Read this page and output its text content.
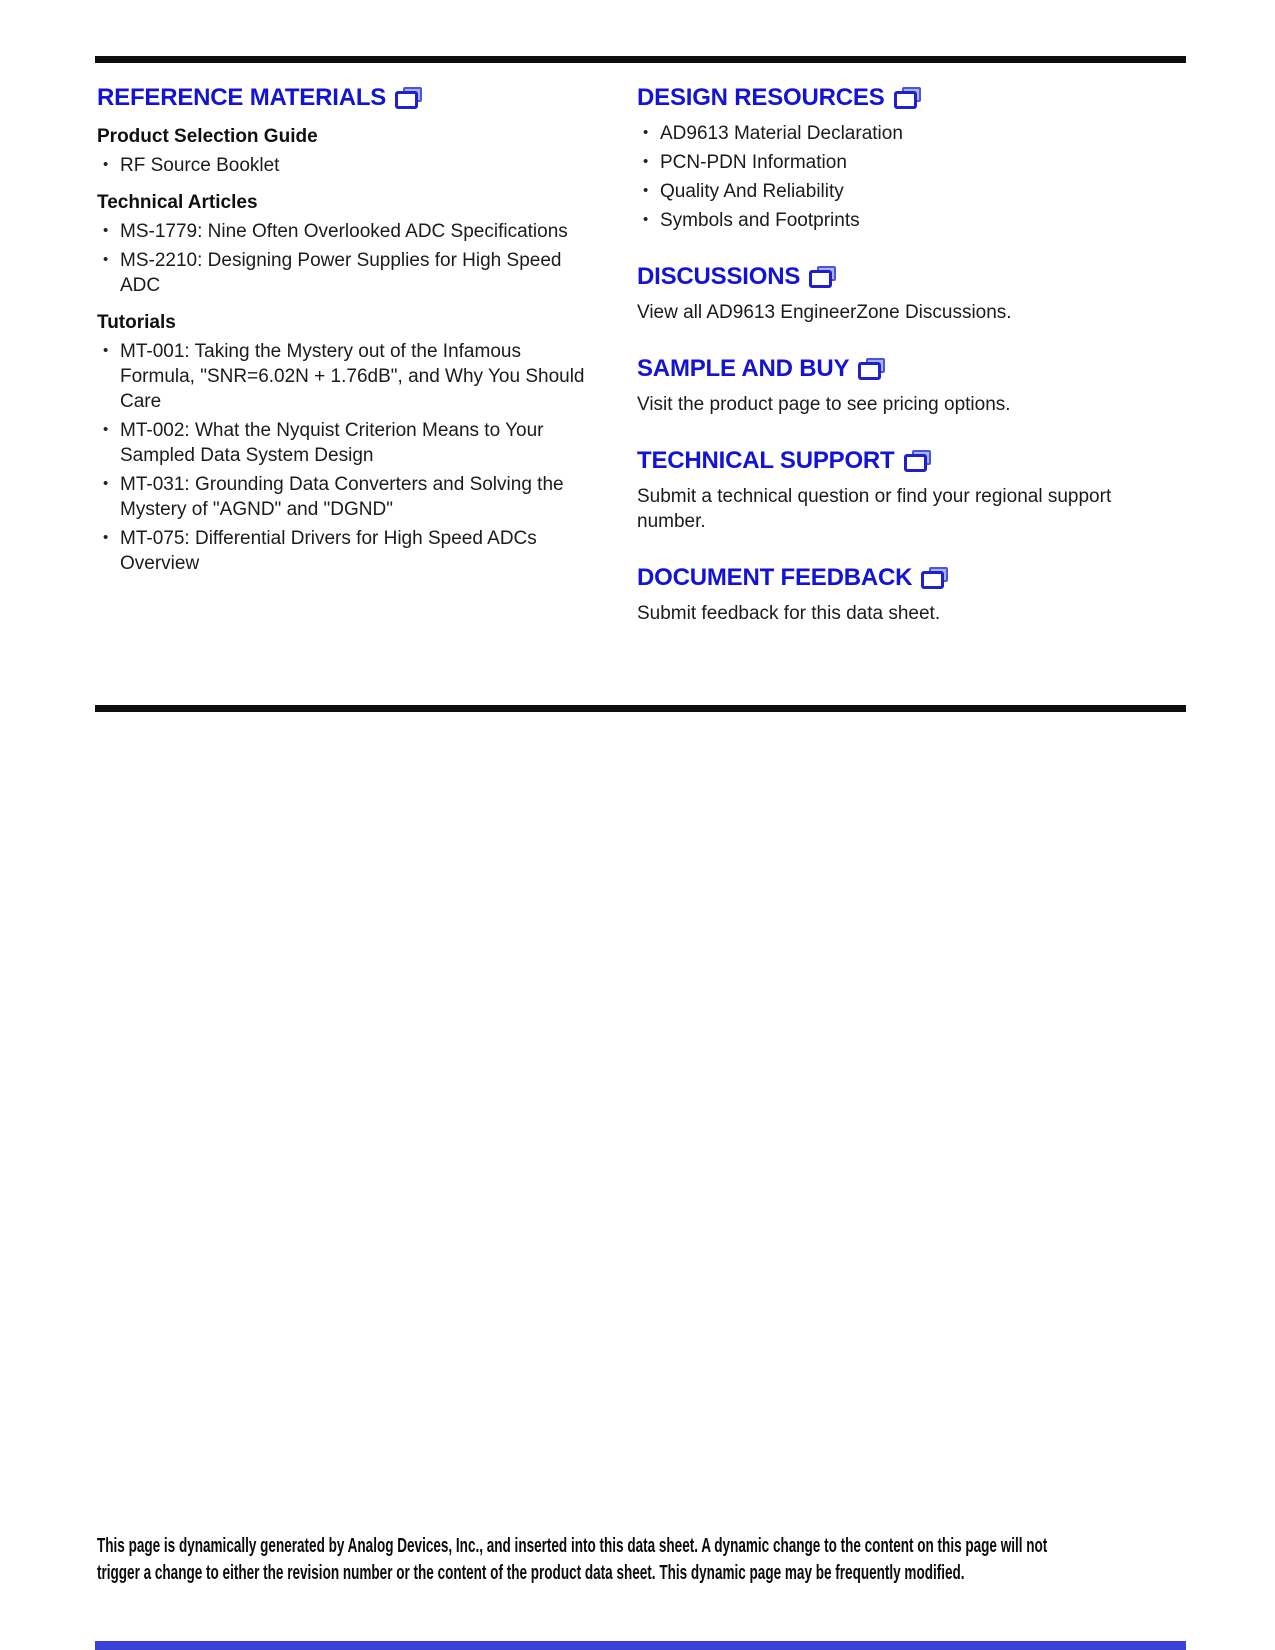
REFERENCE MATERIALS
Product Selection Guide
• RF Source Booklet
Technical Articles
• MS-1779: Nine Often Overlooked ADC Specifications
• MS-2210: Designing Power Supplies for High Speed ADC
Tutorials
• MT-001: Taking the Mystery out of the Infamous Formula, "SNR=6.02N + 1.76dB", and Why You Should Care
• MT-002: What the Nyquist Criterion Means to Your Sampled Data System Design
• MT-031: Grounding Data Converters and Solving the Mystery of "AGND" and "DGND"
• MT-075: Differential Drivers for High Speed ADCs Overview
DESIGN RESOURCES
• AD9613 Material Declaration
• PCN-PDN Information
• Quality And Reliability
• Symbols and Footprints
DISCUSSIONS
View all AD9613 EngineerZone Discussions.
SAMPLE AND BUY
Visit the product page to see pricing options.
TECHNICAL SUPPORT
Submit a technical question or find your regional support number.
DOCUMENT FEEDBACK
Submit feedback for this data sheet.
This page is dynamically generated by Analog Devices, Inc., and inserted into this data sheet. A dynamic change to the content on this page will not
trigger a change to either the revision number or the content of the product data sheet. This dynamic page may be frequently modified.
